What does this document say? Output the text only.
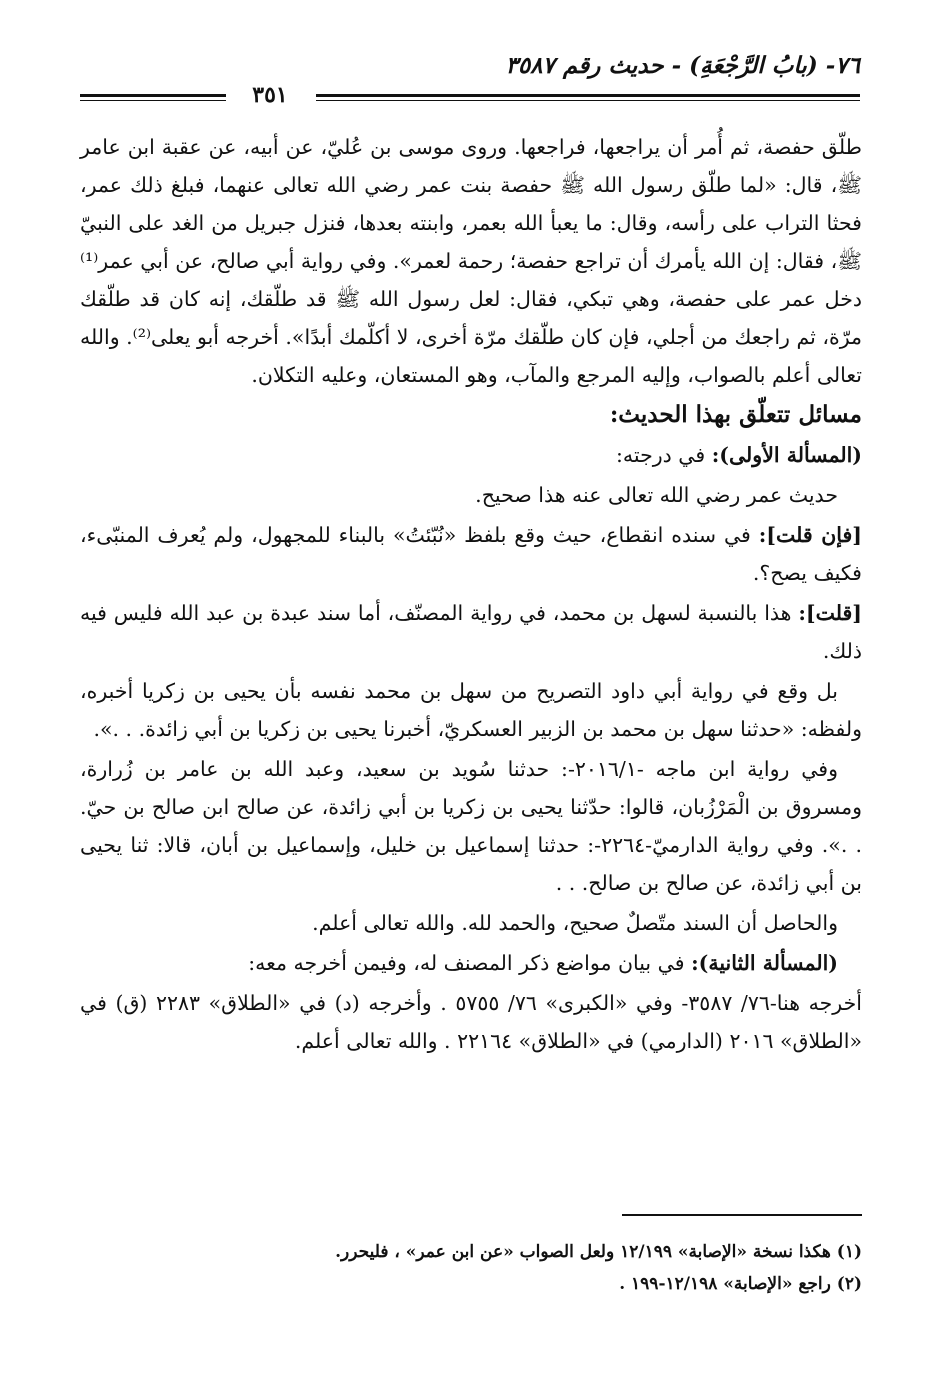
٧٦- (بابُ الرَّجْعَةِ) - حديث رقم ٣٥٨٧
٣٥١

طلّق حفصة، ثم أُمر أن يراجعها، فراجعها. وروى موسى بن عُليّ، عن أبيه، عن عقبة ابن عامر ﷺ، قال: «لما طلّق رسول الله ﷺ حفصة بنت عمر رضي الله تعالى عنهما، فبلغ ذلك عمر، فحثا التراب على رأسه، وقال: ما يعبأ الله بعمر، وابنته بعدها، فنزل جبريل من الغد على النبيّ ﷺ، فقال: إن الله يأمرك أن تراجع حفصة؛ رحمة لعمر». وفي رواية أبي صالح، عن أبي عمر⁽¹⁾ دخل عمر على حفصة، وهي تبكي، فقال: لعل رسول الله ﷺ قد طلّقك، إنه كان قد طلّقك مرّة، ثم راجعك من أجلي، فإن كان طلّقك مرّة أخرى، لا أكلّمك أبدًا». أخرجه أبو يعلى⁽²⁾. والله تعالى أعلم بالصواب، وإليه المرجع والمآب، وهو المستعان، وعليه التكلان.

مسائل تتعلّق بهذا الحديث:

(المسألة الأولى): في درجته:

حديث عمر رضي الله تعالى عنه هذا صحيح.

[فإن قلت]: في سنده انقطاع، حيث وقع بلفظ «نُبّئتُ» بالبناء للمجهول، ولم يُعرف المنبّىء، فكيف يصح؟.

[قلت]: هذا بالنسبة لسهل بن محمد، في رواية المصنّف، أما سند عبدة بن عبد الله فليس فيه ذلك.

بل وقع في رواية أبي داود التصريح من سهل بن محمد نفسه بأن يحيى بن زكريا أخبره، ولفظه: «حدثنا سهل بن محمد بن الزبير العسكريّ، أخبرنا يحيى بن زكريا بن أبي زائدة. . .».

وفي رواية ابن ماجه -٢٠١٦/١-: حدثنا سُويد بن سعيد، وعبد الله بن عامر بن زُرارة، ومسروق بن الْمَرْزُبان، قالوا: حدّثنا يحيى بن زكريا بن أبي زائدة، عن صالح ابن صالح بن حيّ. . .». وفي رواية الدارميّ-٢٢٦٤-: حدثنا إسماعيل بن خليل، وإسماعيل بن أبان، قالا: ثنا يحيى بن أبي زائدة، عن صالح بن صالح. . .

والحاصل أن السند متّصلٌ صحيح، والحمد لله. والله تعالى أعلم.

(المسألة الثانية): في بيان مواضع ذكر المصنف له، وفيمن أخرجه معه:

أخرجه هنا-٧٦/ ٣٥٨٧- وفي «الكبرى» ٧٦/ ٥٧٥٥ . وأخرجه (د) في «الطلاق» ٢٢٨٣ (ق) في «الطلاق» ٢٠١٦ (الدارمي) في «الطلاق» ٢٢١٦٤ . والله تعالى أعلم.

(١) هكذا نسخة «الإصابة» ١٢/١٩٩ ولعل الصواب «عن ابن عمر» ، فليحرر.

(٢) راجع «الإصابة» ١٢/١٩٨-١٩٩ .
